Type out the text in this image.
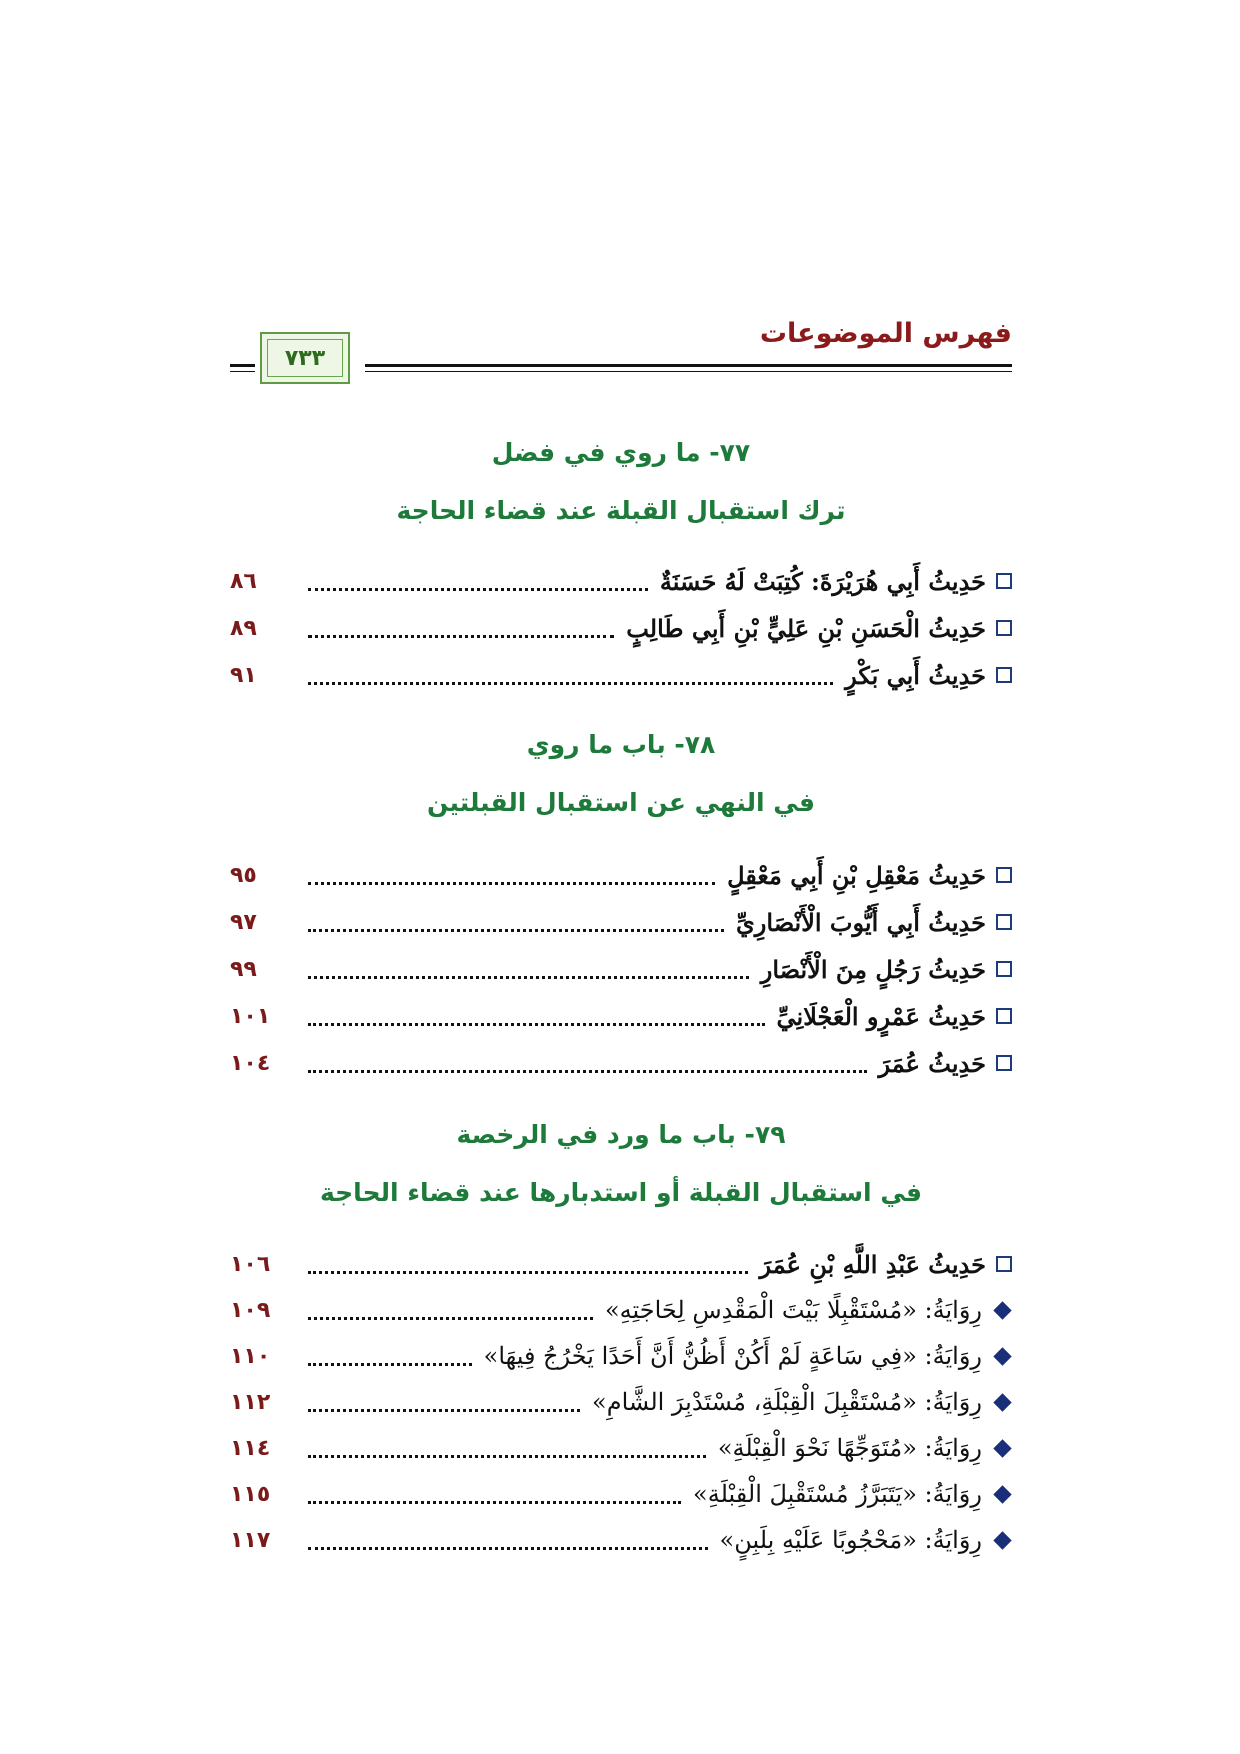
فهرس الموضوعات
٧٣٣
٧٧- ما روي في فضل
ترك استقبال القبلة عند قضاء الحاجة
حَدِيثُ أَبِي هُرَيْرَةَ: كُتِبَتْ لَهُ حَسَنَةٌ
٨٦
حَدِيثُ الْحَسَنِ بْنِ عَلِيٍّ بْنِ أَبِي طَالِبٍ
٨٩
حَدِيثُ أَبِي بَكْرٍ
٩١
٧٨- باب ما روي
في النهي عن استقبال القبلتين
حَدِيثُ مَعْقِلِ بْنِ أَبِي مَعْقِلٍ
٩٥
حَدِيثُ أَبِي أَيُّوبَ الْأَنْصَارِيِّ
٩٧
حَدِيثُ رَجُلٍ مِنَ الْأَنْصَارِ
٩٩
حَدِيثُ عَمْرٍو الْعَجْلَانِيِّ
١٠١
حَدِيثُ عُمَرَ
١٠٤
٧٩- باب ما ورد في الرخصة
في استقبال القبلة أو استدبارها عند قضاء الحاجة
حَدِيثُ عَبْدِ اللَّهِ بْنِ عُمَرَ
١٠٦
رِوَايَةُ: «مُسْتَقْبِلًا بَيْتَ الْمَقْدِسِ لِحَاجَتِهِ»
١٠٩
رِوَايَةُ: «فِي سَاعَةٍ لَمْ أَكُنْ أَظُنُّ أَنَّ أَحَدًا يَخْرُجُ فِيهَا»
١١٠
رِوَايَةُ: «مُسْتَقْبِلَ الْقِبْلَةِ، مُسْتَدْبِرَ الشَّامِ»
١١٢
رِوَايَةُ: «مُتَوَجِّهًا نَحْوَ الْقِبْلَةِ»
١١٤
رِوَايَةُ: «يَتَبَرَّزُ مُسْتَقْبِلَ الْقِبْلَةِ»
١١٥
رِوَايَةُ: «مَحْجُوبًا عَلَيْهِ بِلَبِنٍ»
١١٧
